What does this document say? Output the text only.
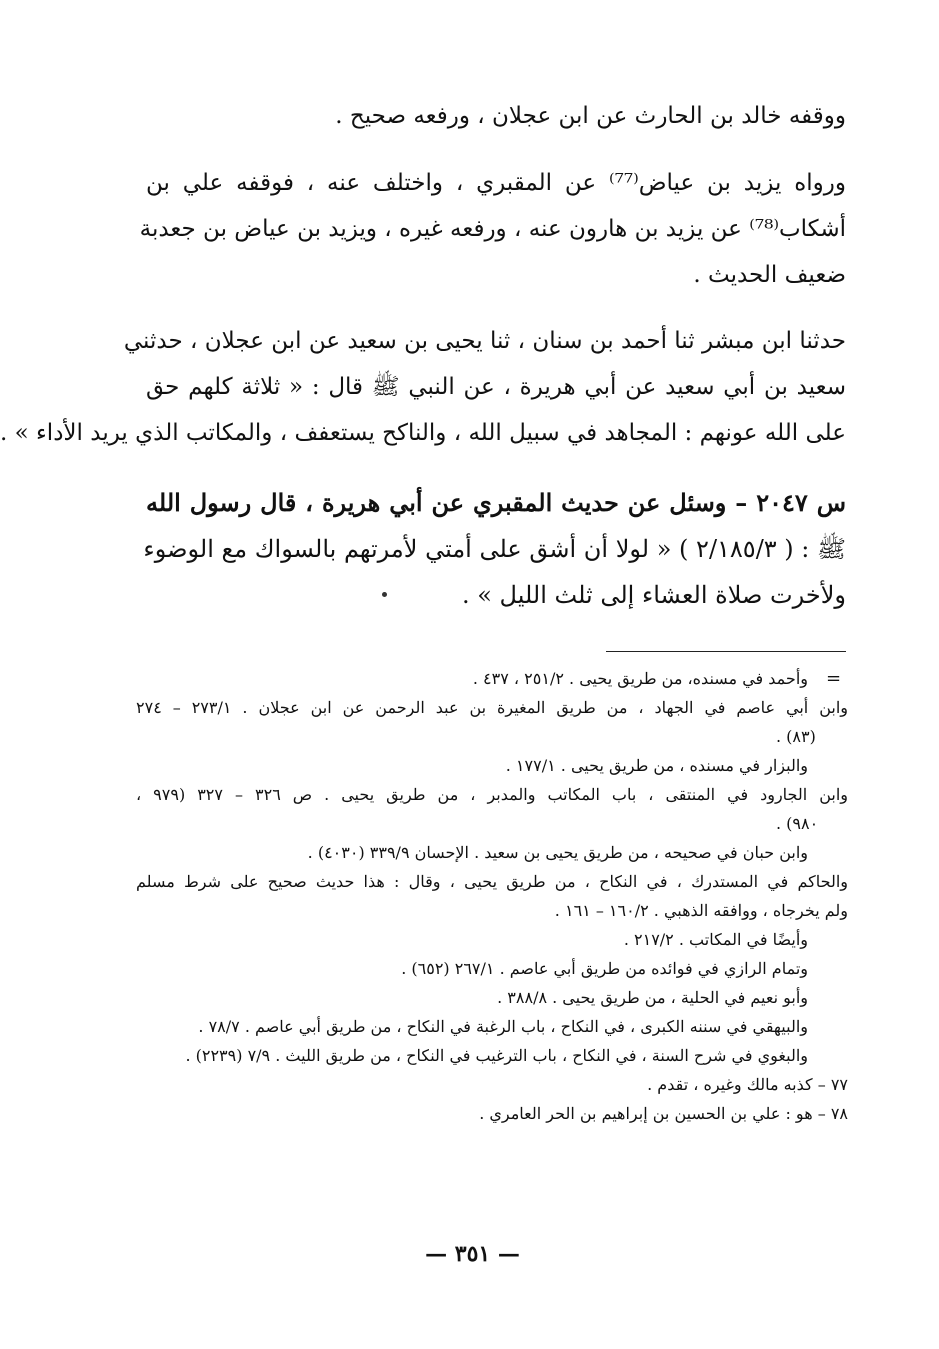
ووقفه خالد بن الحارث عن ابن عجلان ، ورفعه صحيح .
ورواه يزيد بن عياض⁽⁷⁷⁾ عن المقبري ، واختلف عنه ، فوقفه علي بن
أشكاب⁽⁷⁸⁾ عن يزيد بن هارون عنه ، ورفعه غيره ، ويزيد بن عياض بن جعدبة
ضعيف الحديث .
حدثنا ابن مبشر ثنا أحمد بن سنان ، ثنا يحيى بن سعيد عن ابن عجلان ، حدثني
سعيد بن أبي سعيد عن أبي هريرة ، عن النبي ﷺ قال : « ثلاثة كلهم حق
على الله عونهم : المجاهد في سبيل الله ، والناكح يستعفف ، والمكاتب الذي يريد الأداء » .
س ٢٠٤٧ – وسئل عن حديث المقبري عن أبي هريرة ، قال رسول الله
ﷺ : ( ٢/١٨٥/٣ ) « لولا أن أشق على أمتي لأمرتهم بالسواك مع الوضوء
ولأخرت صلاة العشاء إلى ثلث الليل » .
=
وأحمد في مسنده، من طريق يحيى . ٢٥١/٢ ، ٤٣٧ .
وابن أبي عاصم في الجهاد ، من طريق المغيرة بن عبد الرحمن عن ابن عجلان . ٢٧٣/١ – ٢٧٤
(٨٣) .
والبزار في مسنده ، من طريق يحيى . ١٧٧/١ .
وابن الجارود في المنتقى ، باب المكاتب والمدبر ، من طريق يحيى . ص ٣٢٦ – ٣٢٧ (٩٧٩ ،
٩٨٠) .
وابن حبان في صحيحه ، من طريق يحيى بن سعيد . الإحسان ٣٣٩/٩ (٤٠٣٠) .
والحاكم في المستدرك ، في النكاح ، من طريق يحيى ، وقال : هذا حديث صحيح على شرط مسلم
ولم يخرجاه ، ووافقه الذهبي . ١٦٠/٢ – ١٦١ .
وأيضًا في المكاتب . ٢١٧/٢ .
وتمام الرازي في فوائده من طريق أبي عاصم . ٢٦٧/١ (٦٥٢) .
وأبو نعيم في الحلية ، من طريق يحيى . ٣٨٨/٨ .
والبيهقي في سننه الكبرى ، في النكاح ، باب الرغبة في النكاح ، من طريق أبي عاصم . ٧٨/٧ .
والبغوي في شرح السنة ، في النكاح ، باب الترغيب في النكاح ، من طريق الليث . ٧/٩ (٢٢٣٩) .
٧٧ – كذبه مالك وغيره ، تقدم .
٧٨ – هو : علي بن الحسين بن إبراهيم بن الحر العامري .
— ٣٥١ —
